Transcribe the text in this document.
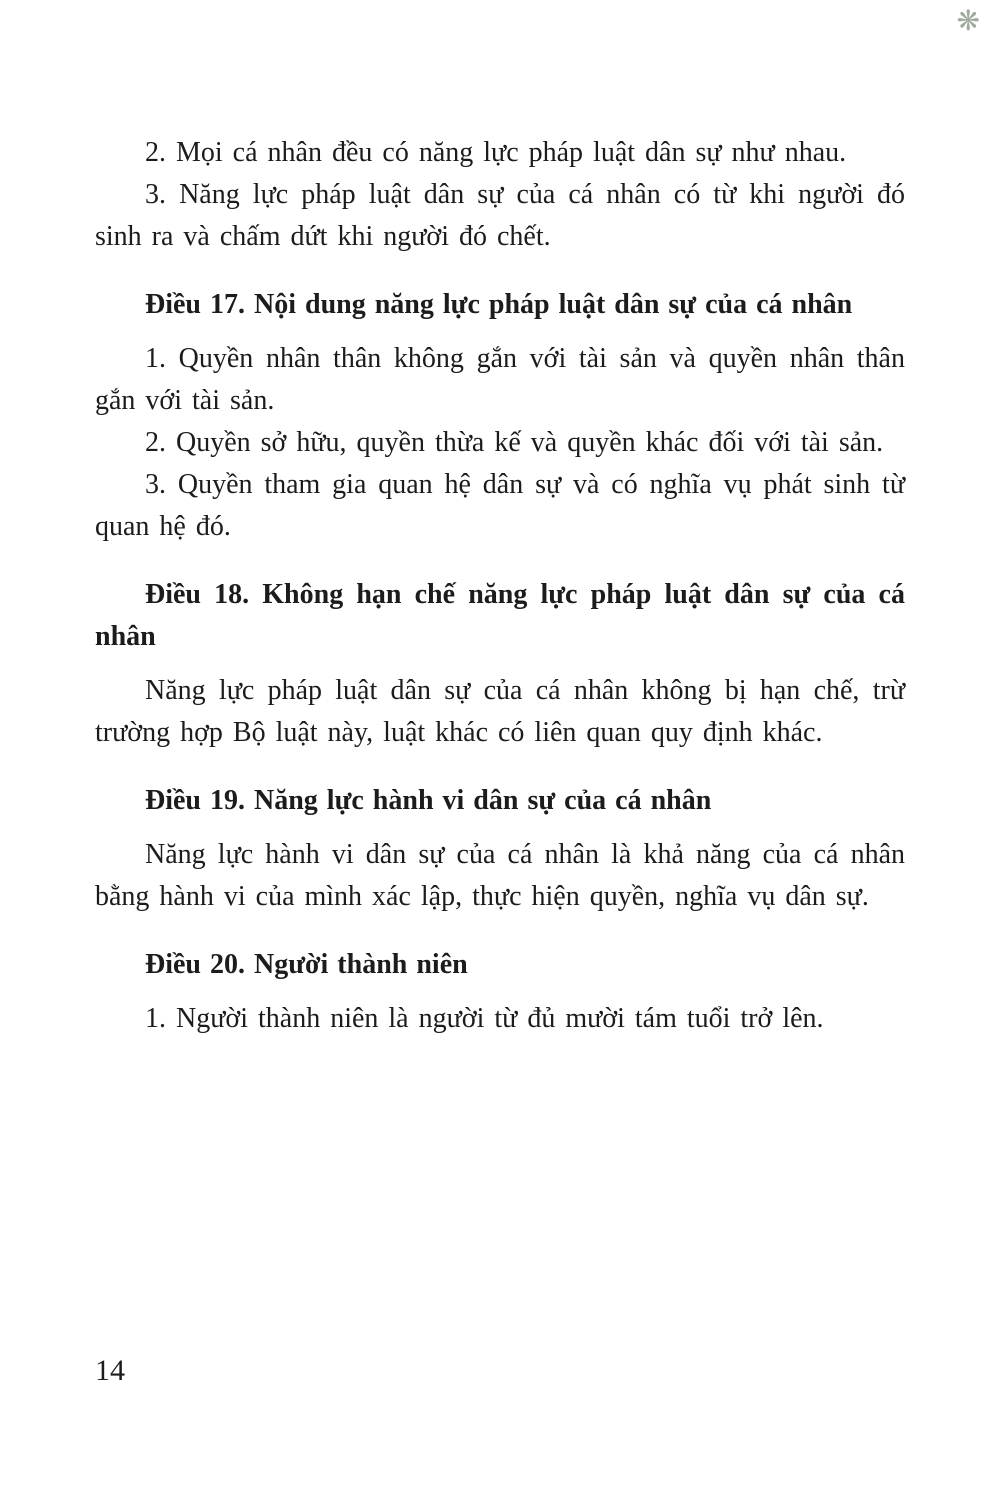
❋

2. Mọi cá nhân đều có năng lực pháp luật dân sự như nhau.

3. Năng lực pháp luật dân sự của cá nhân có từ khi người đó sinh ra và chấm dứt khi người đó chết.

Điều 17. Nội dung năng lực pháp luật dân sự của cá nhân

1. Quyền nhân thân không gắn với tài sản và quyền nhân thân gắn với tài sản.

2. Quyền sở hữu, quyền thừa kế và quyền khác đối với tài sản.

3. Quyền tham gia quan hệ dân sự và có nghĩa vụ phát sinh từ quan hệ đó.

Điều 18. Không hạn chế năng lực pháp luật dân sự của cá nhân

Năng lực pháp luật dân sự của cá nhân không bị hạn chế, trừ trường hợp Bộ luật này, luật khác có liên quan quy định khác.

Điều 19. Năng lực hành vi dân sự của cá nhân

Năng lực hành vi dân sự của cá nhân là khả năng của cá nhân bằng hành vi của mình xác lập, thực hiện quyền, nghĩa vụ dân sự.

Điều 20. Người thành niên

1. Người thành niên là người từ đủ mười tám tuổi trở lên.

14
